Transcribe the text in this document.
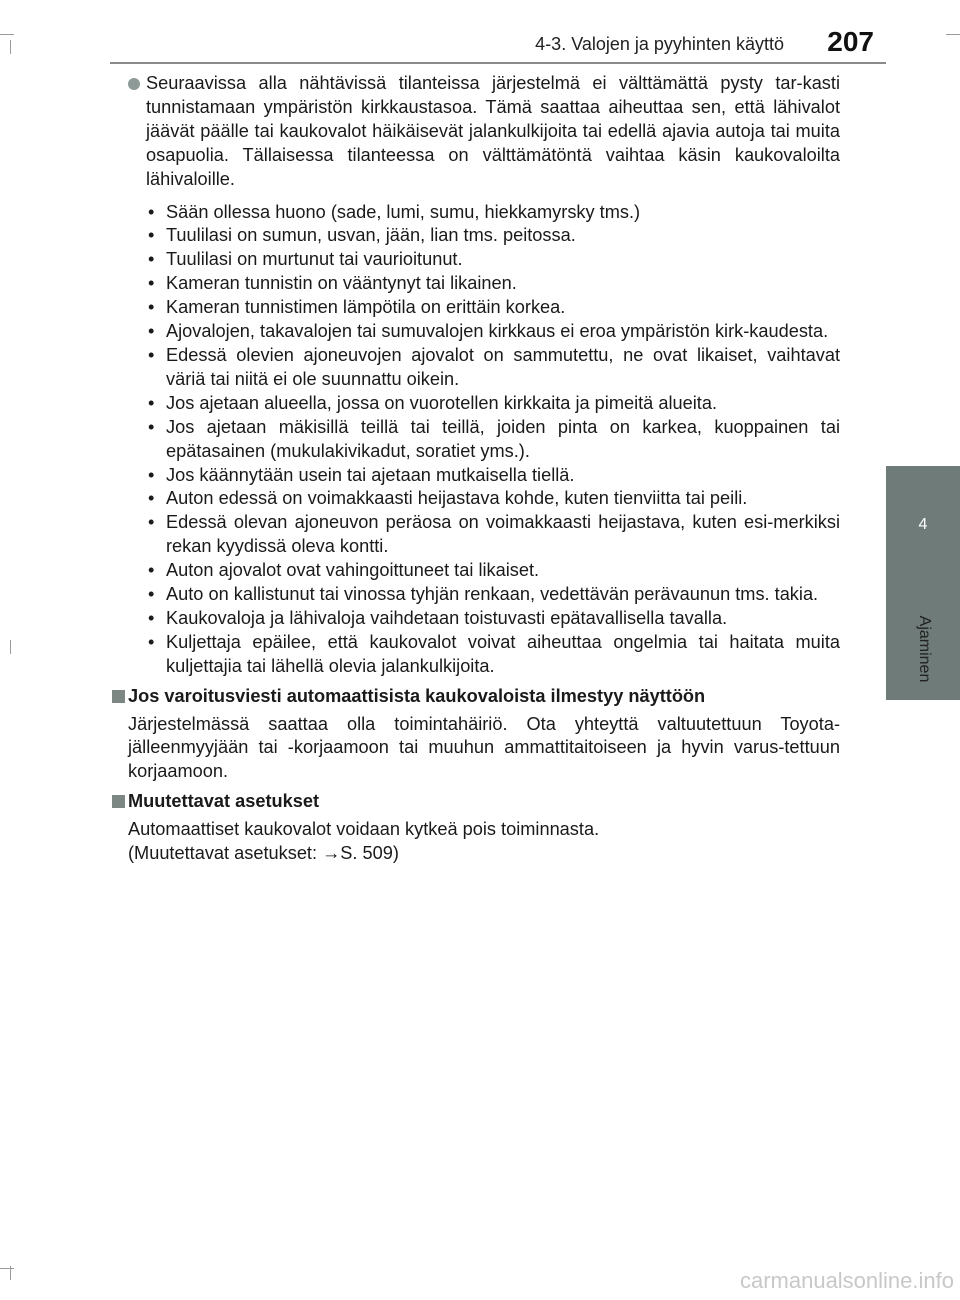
4-3. Valojen ja pyyhinten käyttö 207
4
Ajaminen
Seuraavissa alla nähtävissä tilanteissa järjestelmä ei välttämättä pysty tar-kasti tunnistamaan ympäristön kirkkaustasoa. Tämä saattaa aiheuttaa sen, että lähivalot jäävät päälle tai kaukovalot häikäisevät jalankulkijoita tai edellä ajavia autoja tai muita osapuolia. Tällaisessa tilanteessa on välttämätöntä vaihtaa käsin kaukovaloilta lähivaloille.
• Sään ollessa huono (sade, lumi, sumu, hiekkamyrsky tms.)
• Tuulilasi on sumun, usvan, jään, lian tms. peitossa.
• Tuulilasi on murtunut tai vaurioitunut.
• Kameran tunnistin on vääntynyt tai likainen.
• Kameran tunnistimen lämpötila on erittäin korkea.
• Ajovalojen, takavalojen tai sumuvalojen kirkkaus ei eroa ympäristön kirk-kaudesta.
• Edessä olevien ajoneuvojen ajovalot on sammutettu, ne ovat likaiset, vaihtavat väriä tai niitä ei ole suunnattu oikein.
• Jos ajetaan alueella, jossa on vuorotellen kirkkaita ja pimeitä alueita.
• Jos ajetaan mäkisillä teillä tai teillä, joiden pinta on karkea, kuoppainen tai epätasainen (mukulakivikadut, soratiet yms.).
• Jos käännytään usein tai ajetaan mutkaisella tiellä.
• Auton edessä on voimakkaasti heijastava kohde, kuten tienviitta tai peili.
• Edessä olevan ajoneuvon peräosa on voimakkaasti heijastava, kuten esi-merkiksi rekan kyydissä oleva kontti.
• Auton ajovalot ovat vahingoittuneet tai likaiset.
• Auto on kallistunut tai vinossa tyhjän renkaan, vedettävän perävaunun tms. takia.
• Kaukovaloja ja lähivaloja vaihdetaan toistuvasti epätavallisella tavalla.
• Kuljettaja epäilee, että kaukovalot voivat aiheuttaa ongelmia tai haitata muita kuljettajia tai lähellä olevia jalankulkijoita.
Jos varoitusviesti automaattisista kaukovaloista ilmestyy näyttöön
Järjestelmässä saattaa olla toimintahäiriö. Ota yhteyttä valtuutettuun Toyota-jälleenmyyjään tai -korjaamoon tai muuhun ammattitaitoiseen ja hyvin varus-tettuun korjaamoon.
Muutettavat asetukset
Automaattiset kaukovalot voidaan kytkeä pois toiminnasta.
(Muutettavat asetukset: →S. 509)
carmanualsonline.info
